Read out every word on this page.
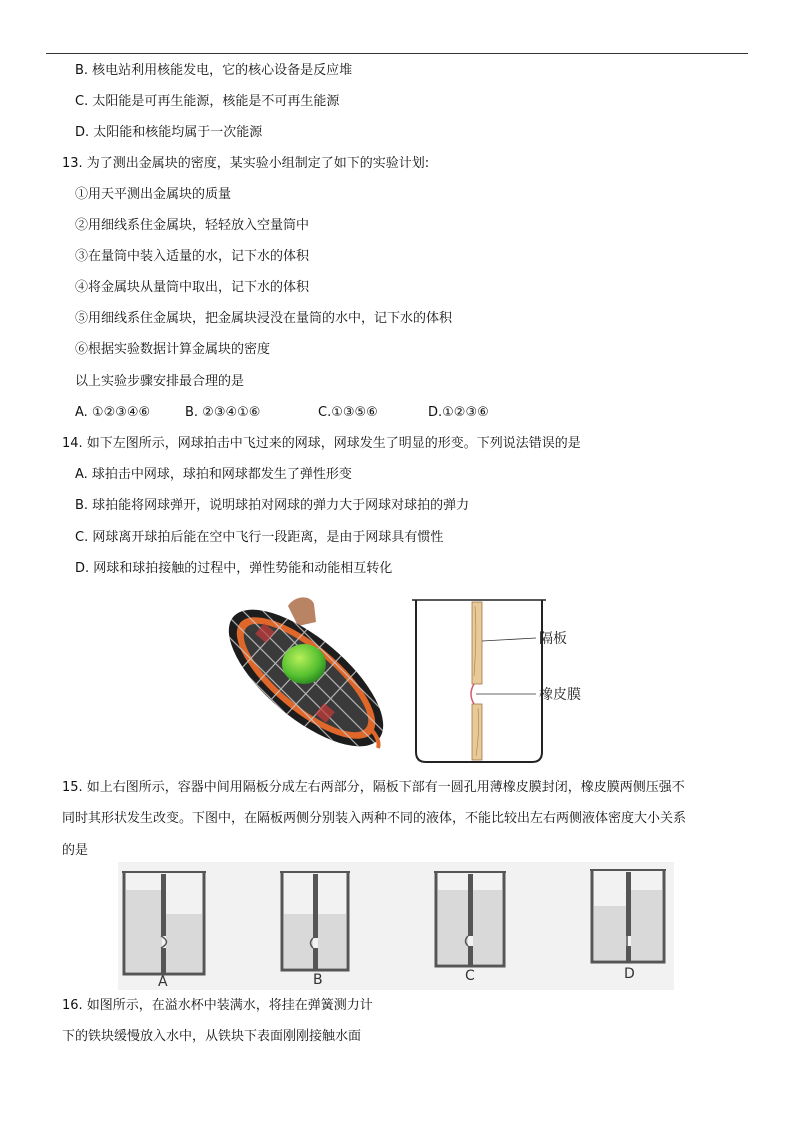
B. 核电站利用核能发电，它的核心设备是反应堆
C. 太阳能是可再生能源，核能是不可再生能源
D. 太阳能和核能均属于一次能源
13. 为了测出金属块的密度，某实验小组制定了如下的实验计划:
①用天平测出金属块的质量
②用细线系住金属块，轻轻放入空量筒中
③在量筒中装入适量的水，记下水的体积
④将金属块从量筒中取出，记下水的体积
⑤用细线系住金属块，把金属块浸没在量筒的水中，记下水的体积
⑥根据实验数据计算金属块的密度
以上实验步骤安排最合理的是
A. ①②③④⑥	B. ②③④①⑥	C.①③⑤⑥	D.①②③⑥
14. 如下左图所示，网球拍击中飞过来的网球，网球发生了明显的形变。下列说法错误的是
A. 球拍击中网球，球拍和网球都发生了弹性形变
B. 球拍能将网球弹开，说明球拍对网球的弹力大于网球对球拍的弹力
C. 网球离开球拍后能在空中飞行一段距离，是由于网球具有惯性
D. 网球和球拍接触的过程中，弹性势能和动能相互转化
隔板
橡皮膜
15. 如上右图所示，容器中间用隔板分成左右两部分，隔板下部有一圆孔用薄橡皮膜封闭，橡皮膜两侧压强不
同时其形状发生改变。下图中，在隔板两侧分别装入两种不同的液体，不能比较出左右两侧液体密度大小关系
的是
A	B	C	D
16. 如图所示，在溢水杯中装满水，将挂在弹簧测力计
下的铁块缓慢放入水中，从铁块下表面刚刚接触水面
